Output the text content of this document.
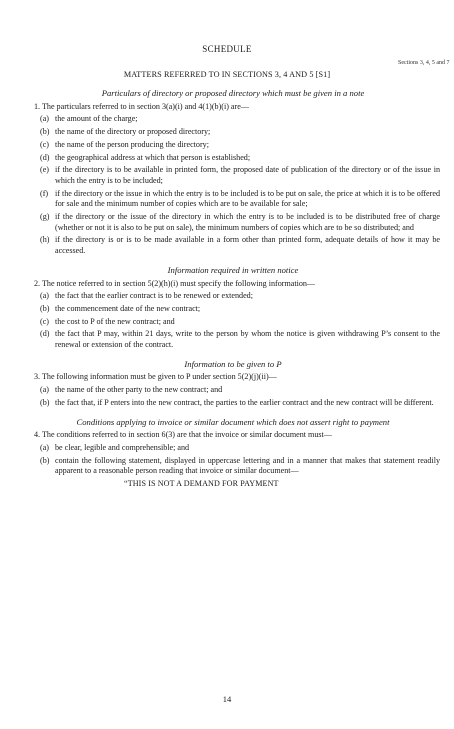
SCHEDULE
Sections 3, 4, 5 and 7
MATTERS REFERRED TO IN SECTIONS 3, 4 AND 5 [S1]
Particulars of directory or proposed directory which must be given in a note
1. The particulars referred to in section 3(a)(i) and 4(1)(b)(i) are—
(a) the amount of the charge;
(b) the name of the directory or proposed directory;
(c) the name of the person producing the directory;
(d) the geographical address at which that person is established;
(e) if the directory is to be available in printed form, the proposed date of publication of the directory or of the issue in which the entry is to be included;
(f) if the directory or the issue in which the entry is to be included is to be put on sale, the price at which it is to be offered for sale and the minimum number of copies which are to be available for sale;
(g) if the directory or the issue of the directory in which the entry is to be included is to be distributed free of charge (whether or not it is also to be put on sale), the minimum numbers of copies which are to be so distributed; and
(h) if the directory is or is to be made available in a form other than printed form, adequate details of how it may be accessed.
Information required in written notice
2. The notice referred to in section 5(2)(h)(i) must specify the following information—
(a) the fact that the earlier contract is to be renewed or extended;
(b) the commencement date of the new contract;
(c) the cost to P of the new contract; and
(d) the fact that P may, within 21 days, write to the person by whom the notice is given withdrawing P’s consent to the renewal or extension of the contract.
Information to be given to P
3. The following information must be given to P under section 5(2)(j)(ii)—
(a) the name of the other party to the new contract; and
(b) the fact that, if P enters into the new contract, the parties to the earlier contract and the new contract will be different.
Conditions applying to invoice or similar document which does not assert right to payment
4. The conditions referred to in section 6(3) are that the invoice or similar document must—
(a) be clear, legible and comprehensible; and
(b) contain the following statement, displayed in uppercase lettering and in a manner that makes that statement readily apparent to a reasonable person reading that invoice or similar document—
“THIS IS NOT A DEMAND FOR PAYMENT
14
